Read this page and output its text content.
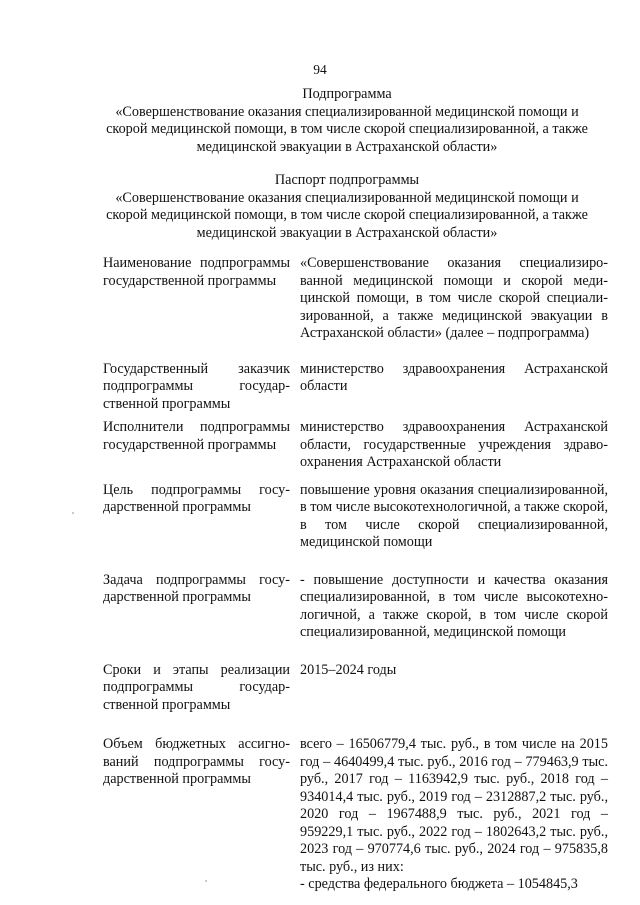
94
Подпрограмма
«Совершенствование оказания специализированной медицинской помощи и
скорой медицинской помощи, в том числе скорой специализированной, а также
медицинской эвакуации в Астраханской области»
Паспорт подпрограммы
«Совершенствование оказания специализированной медицинской помощи и
скорой медицинской помощи, в том числе скорой специализированной, а также
медицинской эвакуации в Астраханской области»
Наименование подпрограммы государственной программы
«Совершенствование оказания специализированной медицинской помощи и скорой медицинской помощи, в том числе скорой специализированной, а также медицинской эвакуации в Астраханской области» (далее – подпрограмма)
Государственный заказчик подпрограммы государственной программы
министерство здравоохранения Астраханской области
Исполнители подпрограммы государственной программы
министерство здравоохранения Астраханской области, государственные учреждения здравоохранения Астраханской области
Цель подпрограммы государственной программы
повышение уровня оказания специализированной, в том числе высокотехнологичной, а также скорой, в том числе скорой специализированной, медицинской помощи
Задача подпрограммы государственной программы
- повышение доступности и качества оказания специализированной, в том числе высокотехнологичной, а также скорой, в том числе скорой специализированной, медицинской помощи
Сроки и этапы реализации подпрограммы государственной программы
2015–2024 годы
Объем бюджетных ассигнований подпрограммы государственной программы
всего – 16506779,4 тыс. руб., в том числе на 2015 год – 4640499,4 тыс. руб., 2016 год – 779463,9 тыс. руб., 2017 год – 1163942,9 тыс. руб., 2018 год – 934014,4 тыс. руб., 2019 год – 2312887,2 тыс. руб., 2020 год – 1967488,9 тыс. руб., 2021 год – 959229,1 тыс. руб., 2022 год – 1802643,2 тыс. руб., 2023 год – 970774,6 тыс. руб., 2024 год – 975835,8 тыс. руб., из них:
- средства федерального бюджета – 1054845,3
